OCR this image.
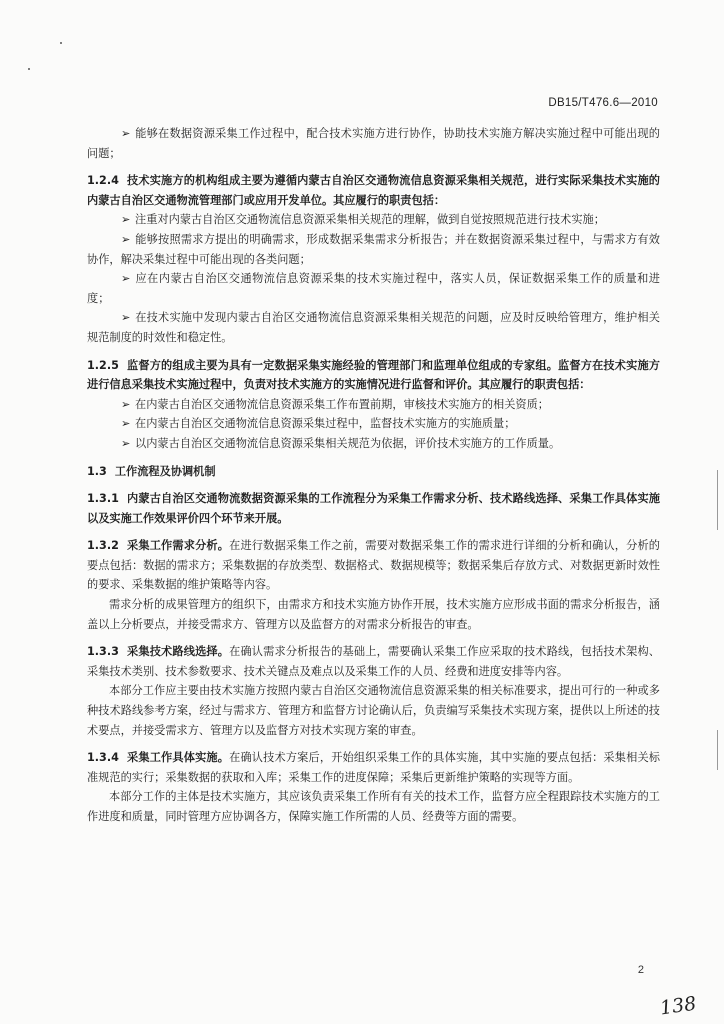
DB15/T476.6—2010

➢ 能够在数据资源采集工作过程中，配合技术实施方进行协作，协助技术实施方解决实施过程中可能出现的问题；

1.2.4 技术实施方的机构组成主要为遵循内蒙古自治区交通物流信息资源采集相关规范，进行实际采集技术实施的内蒙古自治区交通物流管理部门或应用开发单位。其应履行的职责包括：

➢ 注重对内蒙古自治区交通物流信息资源采集相关规范的理解，做到自觉按照规范进行技术实施；

➢ 能够按照需求方提出的明确需求，形成数据采集需求分析报告；并在数据资源采集过程中，与需求方有效协作，解决采集过程中可能出现的各类问题；

➢ 应在内蒙古自治区交通物流信息资源采集的技术实施过程中，落实人员，保证数据采集工作的质量和进度；

➢ 在技术实施中发现内蒙古自治区交通物流信息资源采集相关规范的问题，应及时反映给管理方，维护相关规范制度的时效性和稳定性。

1.2.5 监督方的组成主要为具有一定数据采集实施经验的管理部门和监理单位组成的专家组。监督方在技术实施方进行信息采集技术实施过程中，负责对技术实施方的实施情况进行监督和评价。其应履行的职责包括：

➢ 在内蒙古自治区交通物流信息资源采集工作布置前期，审核技术实施方的相关资质；

➢ 在内蒙古自治区交通物流信息资源采集过程中，监督技术实施方的实施质量；

➢ 以内蒙古自治区交通物流信息资源采集相关规范为依据，评价技术实施方的工作质量。

1.3 工作流程及协调机制

1.3.1 内蒙古自治区交通物流数据资源采集的工作流程分为采集工作需求分析、技术路线选择、采集工作具体实施以及实施工作效果评价四个环节来开展。

1.3.2 采集工作需求分析。在进行数据采集工作之前，需要对数据采集工作的需求进行详细的分析和确认，分析的要点包括：数据的需求方；采集数据的存放类型、数据格式、数据规模等；数据采集后存放方式、对数据更新时效性的要求、采集数据的维护策略等内容。

需求分析的成果管理方的组织下，由需求方和技术实施方协作开展，技术实施方应形成书面的需求分析报告，涵盖以上分析要点，并接受需求方、管理方以及监督方的对需求分析报告的审查。

1.3.3 采集技术路线选择。在确认需求分析报告的基础上，需要确认采集工作应采取的技术路线，包括技术架构、采集技术类别、技术参数要求、技术关键点及难点以及采集工作的人员、经费和进度安排等内容。

本部分工作应主要由技术实施方按照内蒙古自治区交通物流信息资源采集的相关标准要求，提出可行的一种或多种技术路线参考方案，经过与需求方、管理方和监督方讨论确认后，负责编写采集技术实现方案，提供以上所述的技术要点，并接受需求方、管理方以及监督方对技术实现方案的审查。

1.3.4 采集工作具体实施。在确认技术方案后，开始组织采集工作的具体实施，其中实施的要点包括：采集相关标准规范的实行；采集数据的获取和入库；采集工作的进度保障；采集后更新维护策略的实现等方面。

本部分工作的主体是技术实施方，其应该负责采集工作所有有关的技术工作，监督方应全程跟踪技术实施方的工作进度和质量，同时管理方应协调各方，保障实施工作所需的人员、经费等方面的需要。

2
138
